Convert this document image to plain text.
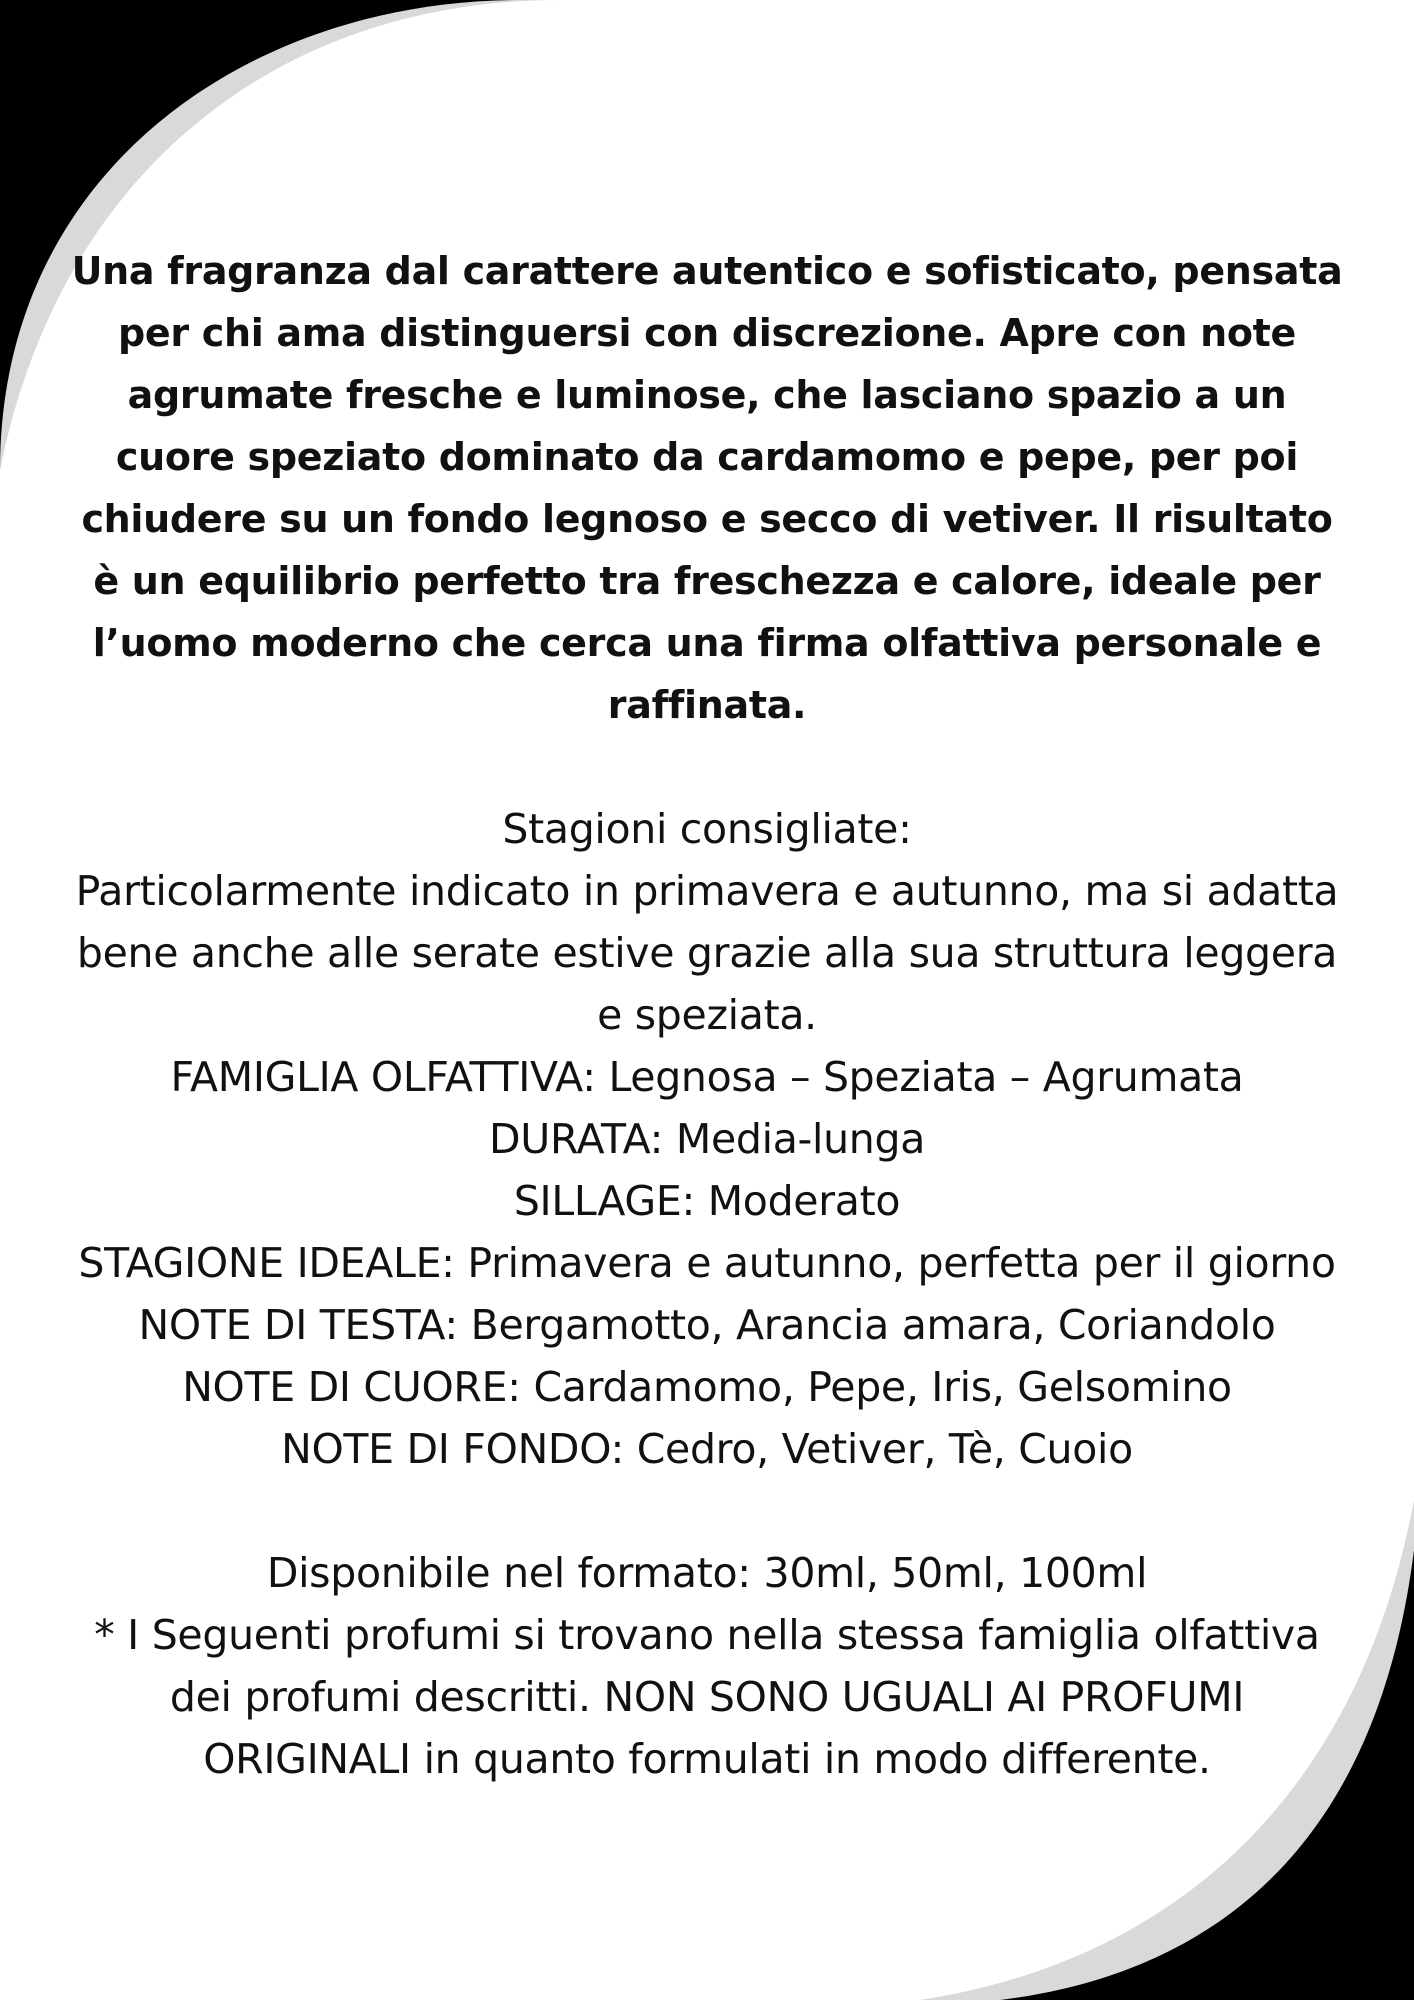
Una fragranza dal carattere autentico e sofisticato, pensata per chi ama distinguersi con discrezione. Apre con note agrumate fresche e luminose, che lasciano spazio a un cuore speziato dominato da cardamomo e pepe, per poi chiudere su un fondo legnoso e secco di vetiver. Il risultato è un equilibrio perfetto tra freschezza e calore, ideale per l’uomo moderno che cerca una firma olfattiva personale e raffinata.

Stagioni consigliate:
Particolarmente indicato in primavera e autunno, ma si adatta bene anche alle serate estive grazie alla sua struttura leggera e speziata.
FAMIGLIA OLFATTIVA: Legnosa – Speziata – Agrumata
DURATA: Media-lunga
SILLAGE: Moderato
STAGIONE IDEALE: Primavera e autunno, perfetta per il giorno
NOTE DI TESTA: Bergamotto, Arancia amara, Coriandolo
NOTE DI CUORE: Cardamomo, Pepe, Iris, Gelsomino
NOTE DI FONDO: Cedro, Vetiver, Tè, Cuoio
Disponibile nel formato: 30ml, 50ml, 100ml
* I Seguenti profumi si trovano nella stessa famiglia olfattiva dei profumi descritti. NON SONO UGUALI AI PROFUMI ORIGINALI in quanto formulati in modo differente.
